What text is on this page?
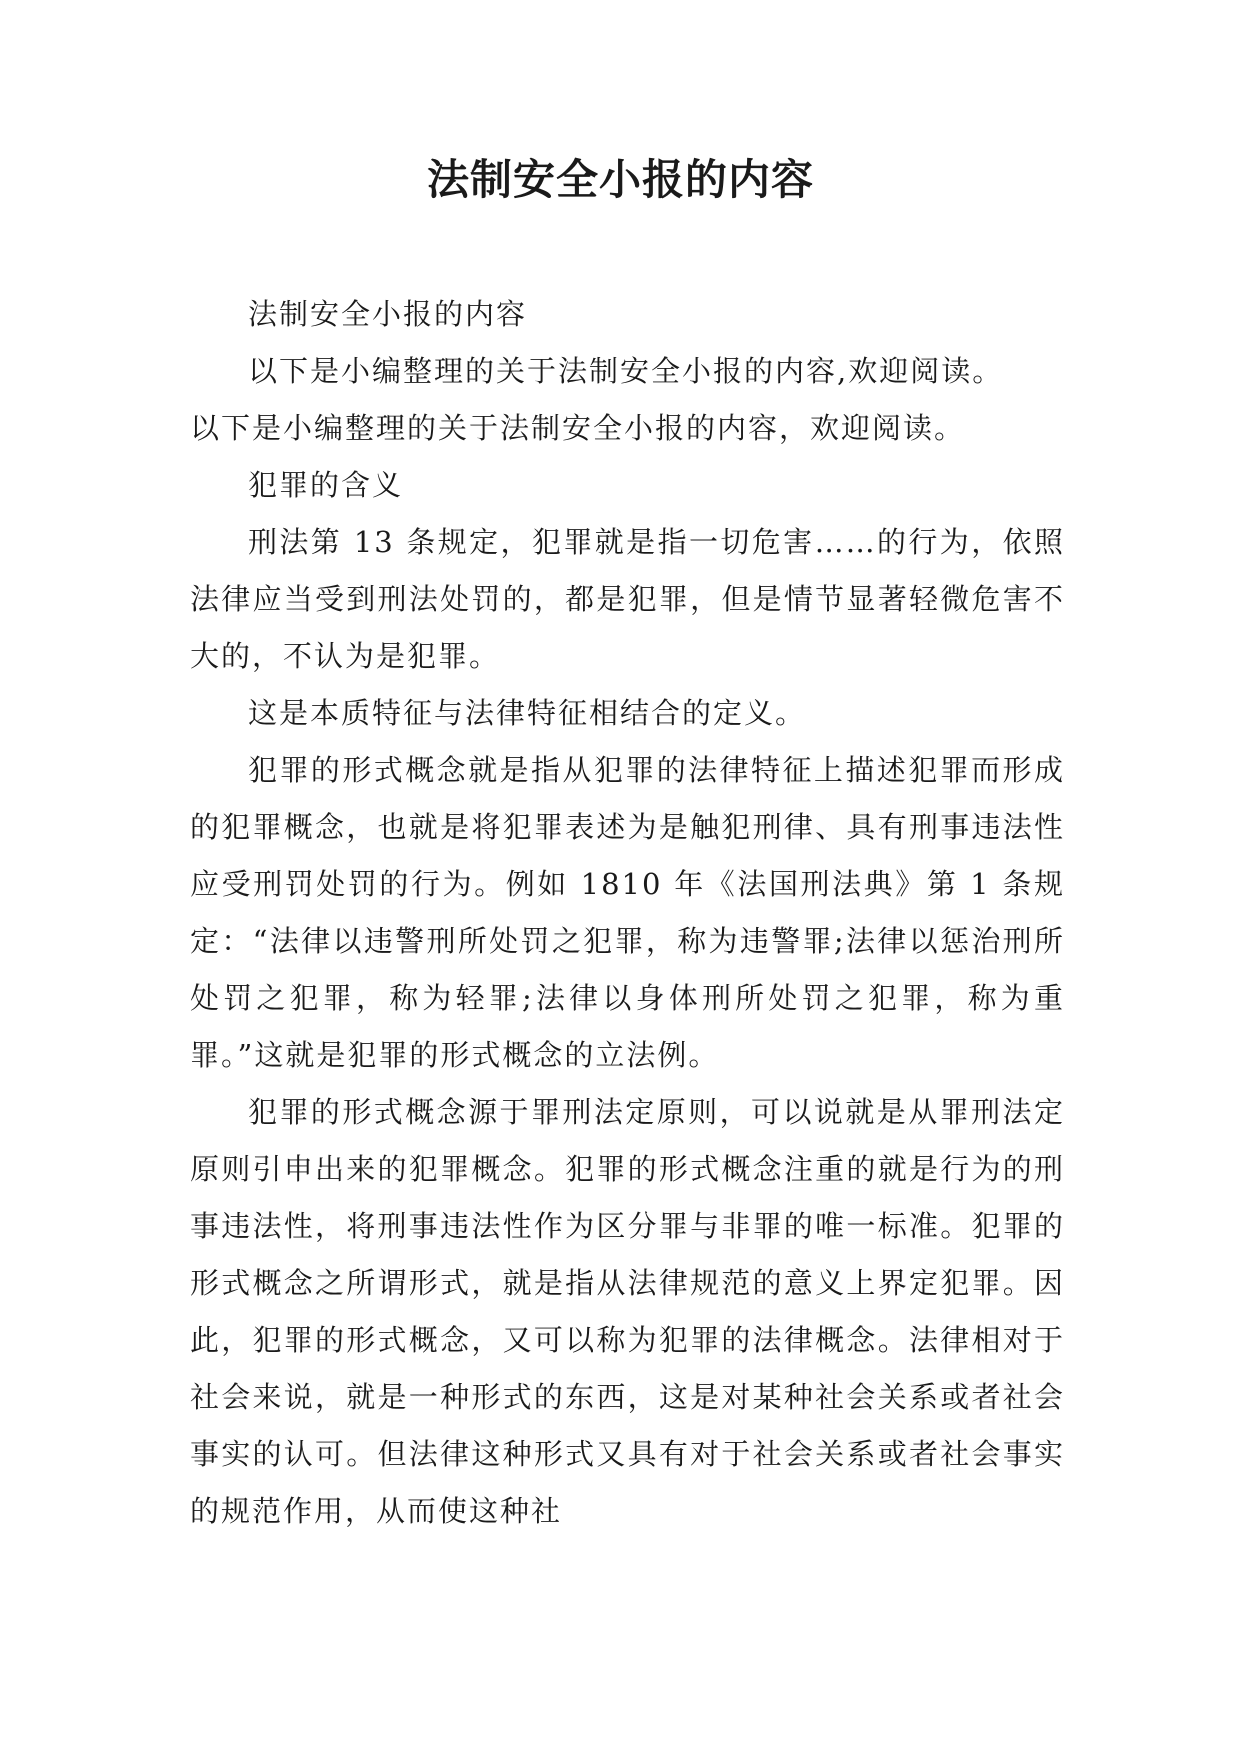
法制安全小报的内容

法制安全小报的内容

以下是小编整理的关于法制安全小报的内容,欢迎阅读。

以下是小编整理的关于法制安全小报的内容，欢迎阅读。

犯罪的含义

刑法第 13 条规定，犯罪就是指一切危害……的行为，依照法律应当受到刑法处罚的，都是犯罪，但是情节显著轻微危害不大的，不认为是犯罪。

这是本质特征与法律特征相结合的定义。

犯罪的形式概念就是指从犯罪的法律特征上描述犯罪而形成的犯罪概念，也就是将犯罪表述为是触犯刑律、具有刑事违法性应受刑罚处罚的行为。例如 1810 年《法国刑法典》第 1 条规定：“法律以违警刑所处罚之犯罪，称为违警罪;法律以惩治刑所处罚之犯罪，称为轻罪;法律以身体刑所处罚之犯罪，称为重罪。”这就是犯罪的形式概念的立法例。

犯罪的形式概念源于罪刑法定原则，可以说就是从罪刑法定原则引申出来的犯罪概念。犯罪的形式概念注重的就是行为的刑事违法性，将刑事违法性作为区分罪与非罪的唯一标准。犯罪的形式概念之所谓形式，就是指从法律规范的意义上界定犯罪。因此，犯罪的形式概念，又可以称为犯罪的法律概念。法律相对于社会来说，就是一种形式的东西，这是对某种社会关系或者社会事实的认可。但法律这种形式又具有对于社会关系或者社会事实的规范作用，从而使这种社
